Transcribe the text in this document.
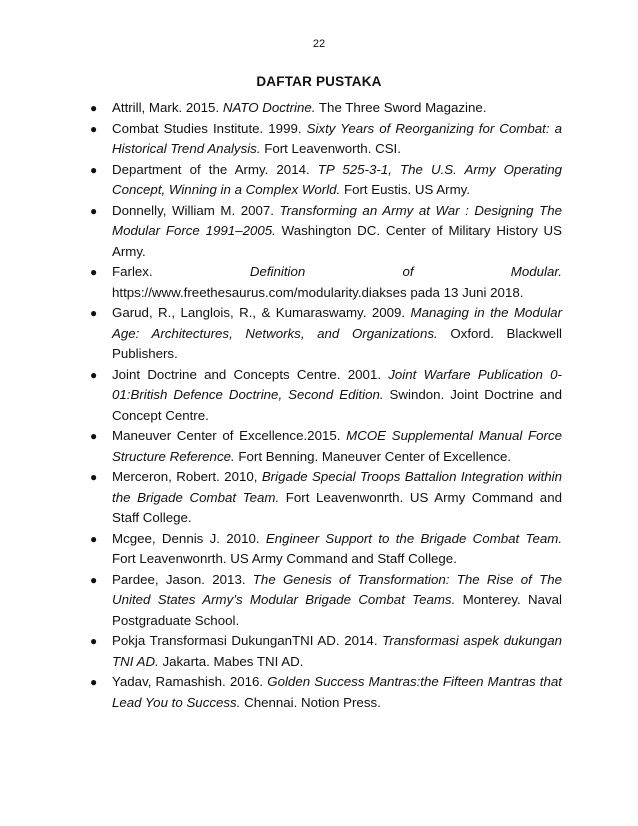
22
DAFTAR PUSTAKA
● Attrill, Mark. 2015. NATO Doctrine. The Three Sword Magazine.
● Combat Studies Institute. 1999. Sixty Years of Reorganizing for Combat: a Historical Trend Analysis. Fort Leavenworth. CSI.
● Department of the Army. 2014. TP 525-3-1, The U.S. Army Operating Concept, Winning in a Complex World. Fort Eustis. US Army.
● Donnelly, William M. 2007. Transforming an Army at War : Designing The Modular Force 1991–2005. Washington DC. Center of Military History US Army.
● Farlex. Definition of Modular. https://www.freethesaurus.com/modularity.diakses pada 13 Juni 2018.
● Garud, R., Langlois, R., & Kumaraswamy. 2009. Managing in the Modular Age: Architectures, Networks, and Organizations. Oxford. Blackwell Publishers.
● Joint Doctrine and Concepts Centre. 2001. Joint Warfare Publication 0-01:British Defence Doctrine, Second Edition. Swindon. Joint Doctrine and Concept Centre.
● Maneuver Center of Excellence.2015. MCOE Supplemental Manual Force Structure Reference. Fort Benning. Maneuver Center of Excellence.
● Merceron, Robert. 2010, Brigade Special Troops Battalion Integration within the Brigade Combat Team. Fort Leavenwonrth. US Army Command and Staff College.
● Mcgee, Dennis J. 2010. Engineer Support to the Brigade Combat Team. Fort Leavenwonrth. US Army Command and Staff College.
● Pardee, Jason. 2013. The Genesis of Transformation: The Rise of The United States Army’s Modular Brigade Combat Teams. Monterey. Naval Postgraduate School.
● Pokja Transformasi DukunganTNI AD. 2014. Transformasi aspek dukungan TNI AD. Jakarta. Mabes TNI AD.
● Yadav, Ramashish. 2016. Golden Success Mantras:the Fifteen Mantras that Lead You to Success. Chennai. Notion Press.
